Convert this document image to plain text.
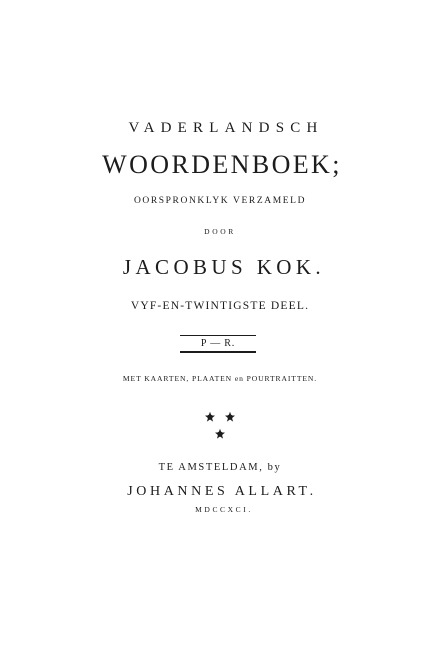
VADERLANDSCH
WOORDENBOEK;
OORSPRONKLYK VERZAMELD
DOOR
JACOBUS KOK.
VYF-EN-TWINTIGSTE DEEL.
P — R.
MET KAARTEN, PLAATEN en POURTRAITTEN.
TE AMSTELDAM, by
JOHANNES ALLART.
MDCCXCI.
